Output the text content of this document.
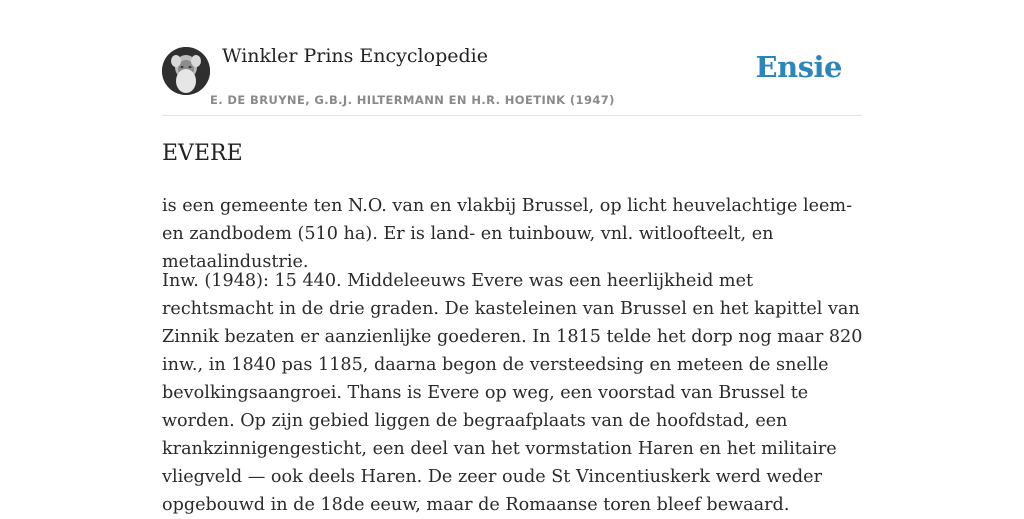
Winkler Prins Encyclopedie
E. DE BRUYNE, G.B.J. HILTERMANN EN H.R. HOETINK (1947)
Ensie
EVERE

is een gemeente ten N.O. van en vlakbij Brussel, op licht heuvelachtige leem-en zandbodem (510 ha). Er is land- en tuinbouw, vnl. witloofteelt, en metaalindustrie.

Inw. (1948): 15 440. Middeleeuws Evere was een heerlijkheid met rechtsmacht in de drie graden. De kasteleinen van Brussel en het kapittel van Zinnik bezaten er aanzienlijke goederen. In 1815 telde het dorp nog maar 820 inw., in 1840 pas 1185, daarna begon de versteedsing en meteen de snelle bevolkingsaangroei. Thans is Evere op weg, een voorstad van Brussel te worden. Op zijn gebied liggen de begraafplaats van de hoofdstad, een krankzinnigengesticht, een deel van het vormstation Haren en het militaire vliegveld — ook deels Haren. De zeer oude St Vincentiuskerk werd weder opgebouwd in de 18de eeuw, maar de Romaanse toren bleef bewaard.
